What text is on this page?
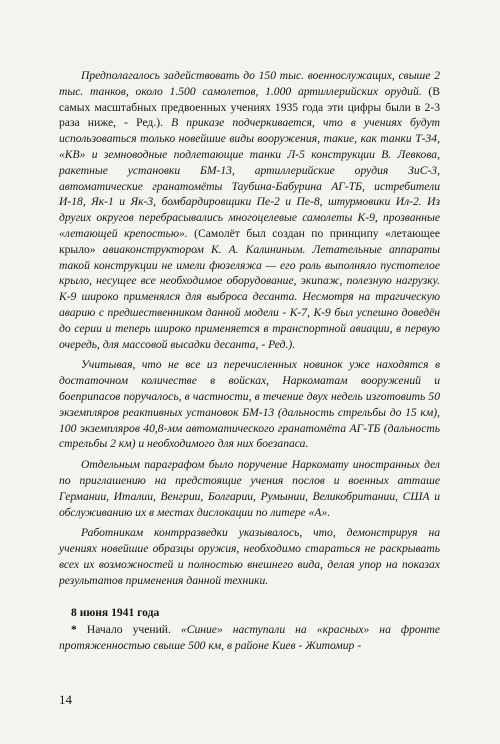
Предполагалось задействовать до 150 тыс. военнослужащих, свыше 2 тыс. танков, около 1.500 самолетов, 1.000 артиллерийских орудий. (В самых масштабных предвоенных учениях 1935 года эти цифры были в 2-3 раза ниже, - Ред.). В приказе подчеркивается, что в учениях будут использоваться только новейшие виды вооружения, такие, как танки Т-34, «КВ» и земноводные подлетающие танки Л-5 конструкции В. Левкова, ракетные установки БМ-13, артиллерийские орудия ЗиС-3, автоматические гранатомёты Таубина-Бабурина АГ-ТБ, истребители И-18, Як-1 и Як-3, бомбардировщики Пе-2 и Пе-8, штурмовики Ил-2. Из других округов перебрасывались многоцелевые самолеты К-9, прозванные «летающей крепостью». (Самолёт был создан по принципу «летающее крыло» авиаконструктором К. А. Калининым. Летательные аппараты такой конструкции не имели фюзеляжа — его роль выполняло пустотелое крыло, несущее все необходимое оборудование, экипаж, полезную нагрузку. К-9 широко применялся для выброса десанта. Несмотря на трагическую аварию с предшественником данной модели - К-7, К-9 был успешно доведён до серии и теперь широко применяется в транспортной авиации, в первую очередь, для массовой высадки десанта, - Ред.).

Учитывая, что не все из перечисленных новинок уже находятся в достаточном количестве в войсках, Наркоматам вооружений и боеприпасов поручалось, в частности, в течение двух недель изготовить 50 экземпляров реактивных установок БМ-13 (дальность стрельбы до 15 км), 100 экземпляров 40,8-мм автоматического гранатомёта АГ-ТБ (дальность стрельбы 2 км) и необходимого для них боезапаса.

Отдельным параграфом было поручение Наркомату иностранных дел по приглашению на предстоящие учения послов и военных атташе Германии, Италии, Венгрии, Болгарии, Румынии, Великобритании, США и обслуживанию их в местах дислокации по литере «А».

Работникам контрразведки указывалось, что, демонстрируя на учениях новейшие образцы оружия, необходимо стараться не раскрывать всех их возможностей и полностью внешнего вида, делая упор на показах результатов применения данной техники.

8 июня 1941 года

* Начало учений. «Синие» наступали на «красных» на фронте протяженностью свыше 500 км, в районе Киев - Житомир -

14
